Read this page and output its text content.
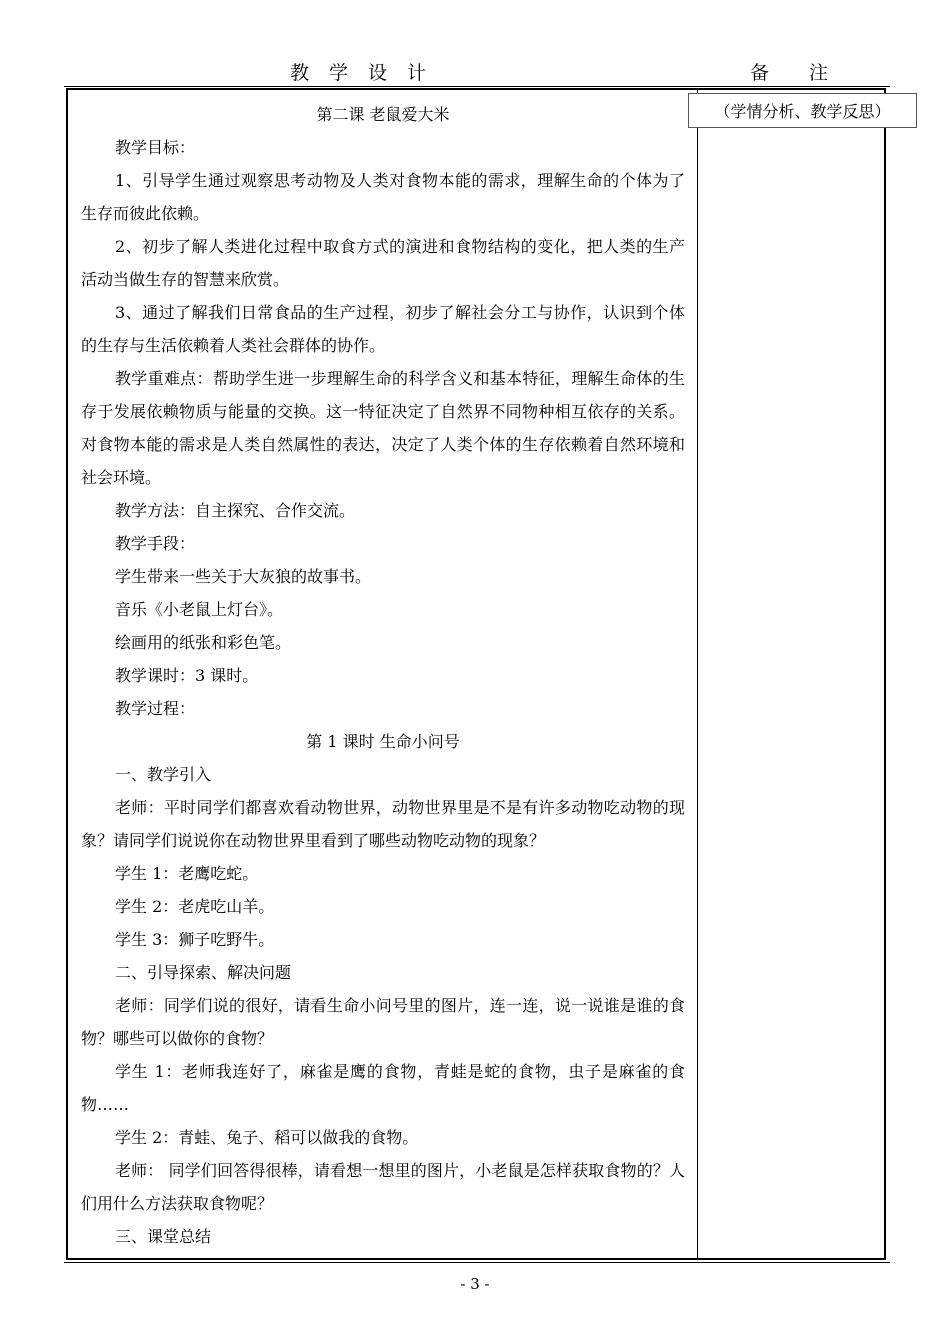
教学设计	备注
（学情分析、教学反思）

第二课 老鼠爱大米

教学目标：

1、引导学生通过观察思考动物及人类对食物本能的需求，理解生命的个体为了生存而彼此依赖。

2、初步了解人类进化过程中取食方式的演进和食物结构的变化，把人类的生产活动当做生存的智慧来欣赏。

3、通过了解我们日常食品的生产过程，初步了解社会分工与协作，认识到个体的生存与生活依赖着人类社会群体的协作。

教学重难点：帮助学生进一步理解生命的科学含义和基本特征，理解生命体的生存于发展依赖物质与能量的交换。这一特征决定了自然界不同物种相互依存的关系。对食物本能的需求是人类自然属性的表达，决定了人类个体的生存依赖着自然环境和社会环境。

教学方法：自主探究、合作交流。

教学手段：

学生带来一些关于大灰狼的故事书。

音乐《小老鼠上灯台》。

绘画用的纸张和彩色笔。

教学课时：3 课时。

教学过程：

第 1 课时 生命小问号

一、教学引入

老师：平时同学们都喜欢看动物世界，动物世界里是不是有许多动物吃动物的现象？请同学们说说你在动物世界里看到了哪些动物吃动物的现象？

学生 1：老鹰吃蛇。

学生 2：老虎吃山羊。

学生 3：狮子吃野牛。

二、引导探索、解决问题

老师：同学们说的很好，请看生命小问号里的图片，连一连，说一说谁是谁的食物？哪些可以做你的食物？

学生 1：老师我连好了，麻雀是鹰的食物，青蛙是蛇的食物，虫子是麻雀的食物……

学生 2：青蛙、兔子、稻可以做我的食物。

老师： 同学们回答得很棒，请看想一想里的图片，小老鼠是怎样获取食物的？人们用什么方法获取食物呢？

三、课堂总结

- 3 -
